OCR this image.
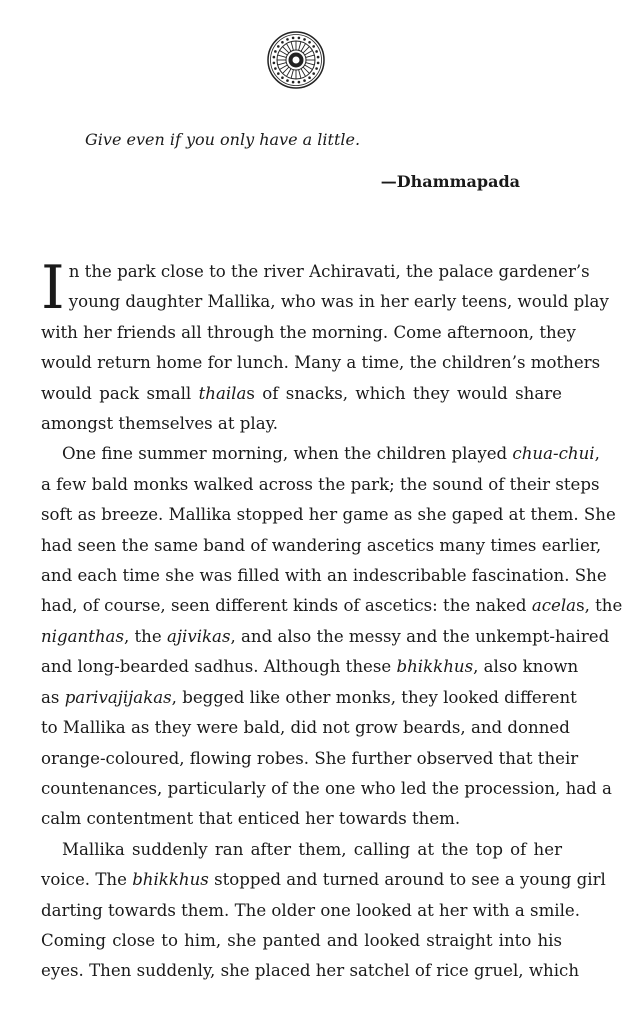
Give even if you only have a little.

—Dhammapada

I n the park close to the river Achiravati, the palace gardener’s
young daughter Mallika, who was in her early teens, would play
with her friends all through the morning. Come afternoon, they
would return home for lunch. Many a time, the children’s mothers
would pack small thailas of snacks, which they would share
amongst themselves at play.

One fine summer morning, when the children played chua-chui,
a few bald monks walked across the park; the sound of their steps
soft as breeze. Mallika stopped her game as she gaped at them. She
had seen the same band of wandering ascetics many times earlier,
and each time she was filled with an indescribable fascination. She
had, of course, seen different kinds of ascetics: the naked acelas, the
niganthas, the ajivikas, and also the messy and the unkempt-haired
and long-bearded sadhus. Although these bhikkhus, also known
as parivajijakas, begged like other monks, they looked different
to Mallika as they were bald, did not grow beards, and donned
orange-coloured, flowing robes. She further observed that their
countenances, particularly of the one who led the procession, had a
calm contentment that enticed her towards them.

Mallika suddenly ran after them, calling at the top of her
voice. The bhikkhus stopped and turned around to see a young girl
darting towards them. The older one looked at her with a smile.
Coming close to him, she panted and looked straight into his
eyes. Then suddenly, she placed her satchel of rice gruel, which
